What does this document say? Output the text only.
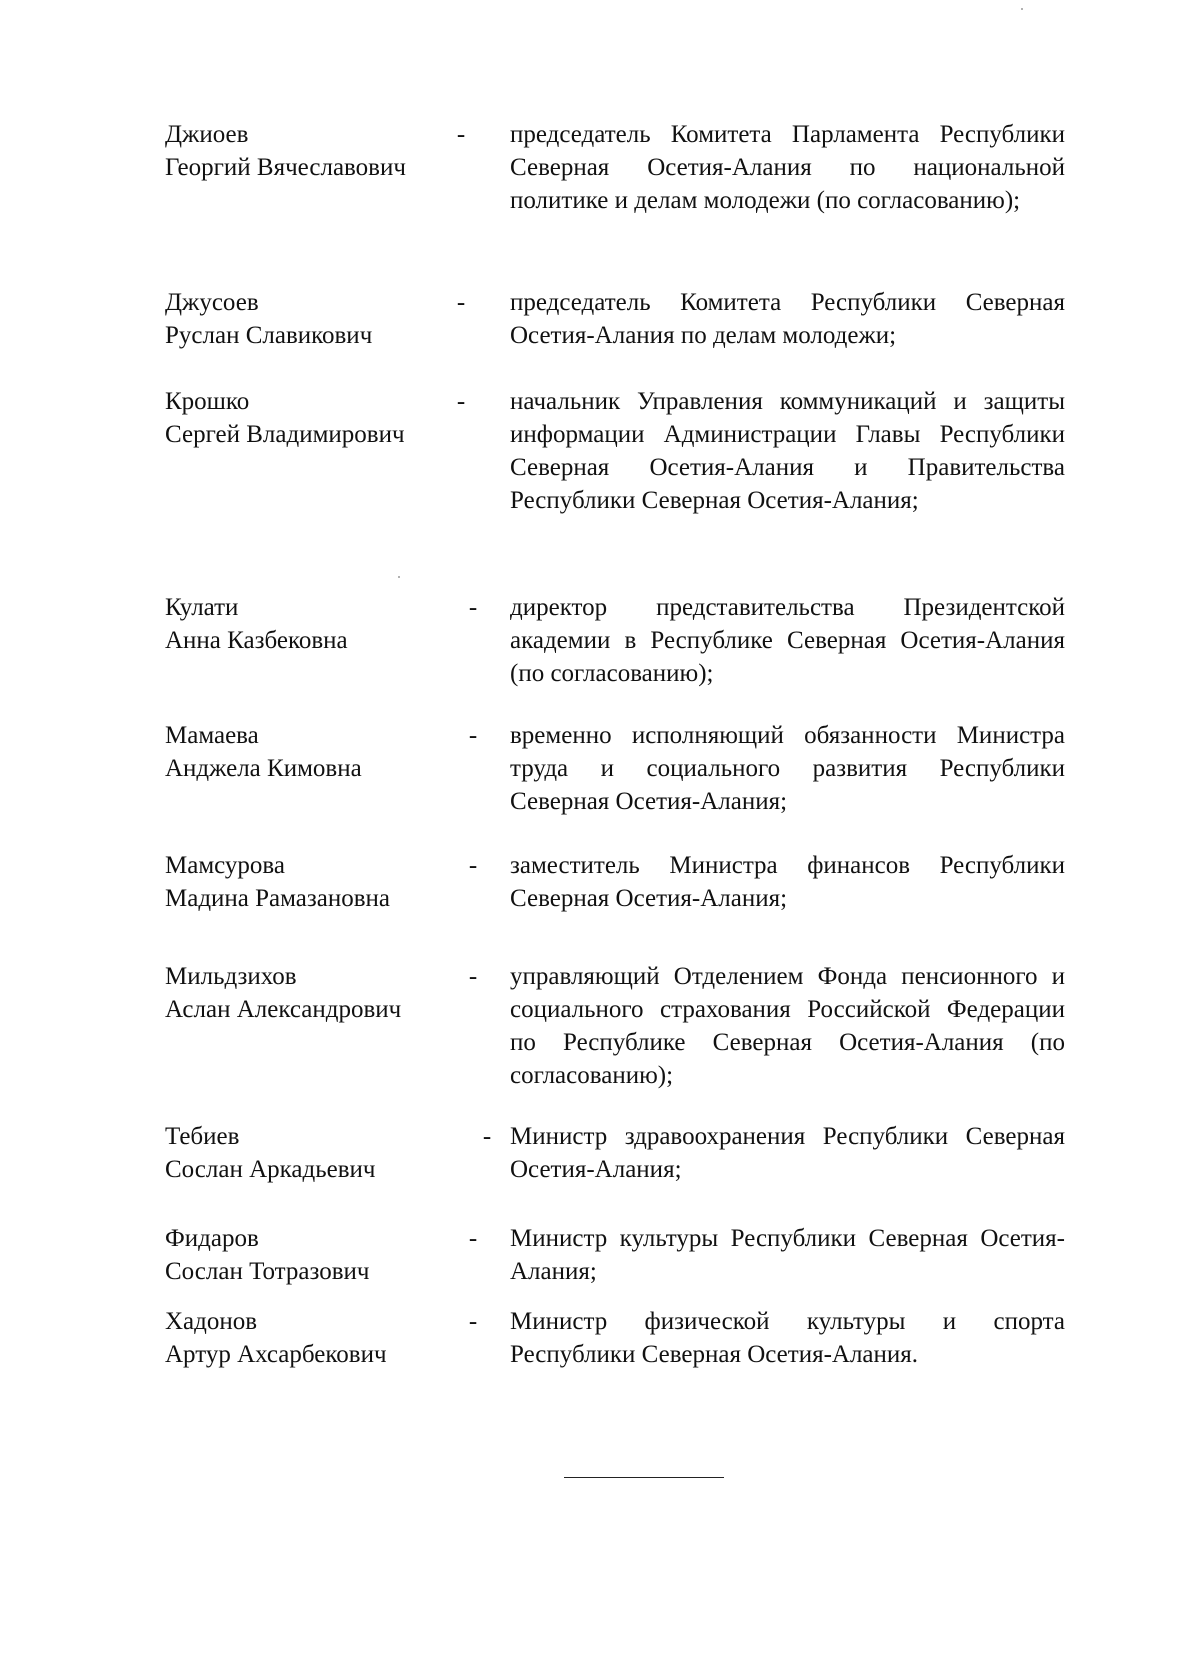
Джиоев
Георгий Вячеславович
- председатель Комитета Парламента Республики Северная Осетия-Алания по национальной политике и делам молодежи (по согласованию);
Джусоев
Руслан Славикович
- председатель Комитета Республики Северная Осетия-Алания по делам молодежи;
Крошко
Сергей Владимирович
- начальник Управления коммуникаций и защиты информации Администрации Главы Республики Северная Осетия-Алания и Правительства Республики Северная Осетия-Алания;
Кулати
Анна Казбековна
- директор представительства Президентской академии в Республике Северная Осетия-Алания (по согласованию);
Мамаева
Анджела Кимовна
- временно исполняющий обязанности Министра труда и социального развития Республики Северная Осетия-Алания;
Мамсурова
Мадина Рамазановна
- заместитель Министра финансов Республики Северная Осетия-Алания;
Мильдзихов
Аслан Александрович
- управляющий Отделением Фонда пенсионного и социального страхования Российской Федерации по Республике Северная Осетия-Алания (по согласованию);
Тебиев
Сослан Аркадьевич
- Министр здравоохранения Республики Северная Осетия-Алания;
Фидаров
Сослан Тотразович
- Министр культуры Республики Северная Осетия-Алания;
Хадонов
Артур Ахсарбекович
- Министр физической культуры и спорта Республики Северная Осетия-Алания.
